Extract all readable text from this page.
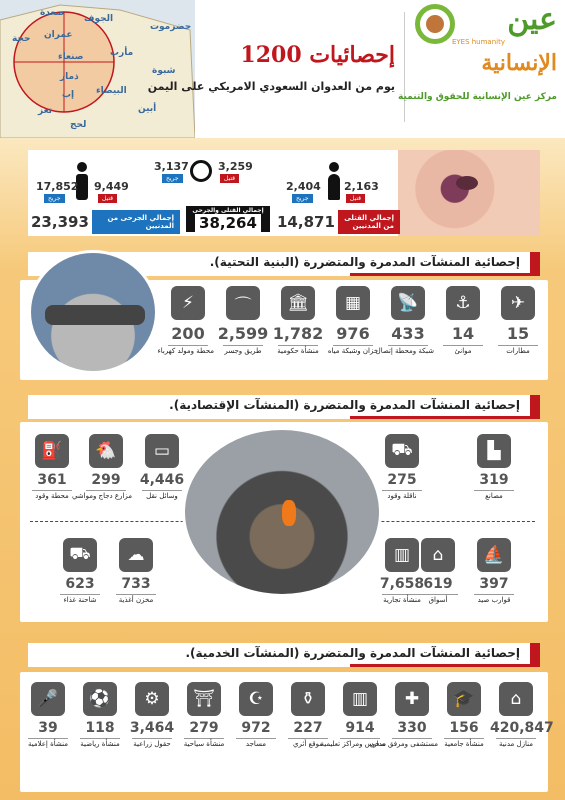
الجوف
صعدة
عمران
حجة
مأرب
صنعاء
شبوة
ذمار
البيضاء
إب
تعز
لحج
أبين
حضرموت
إحصائيات 1200
يوم من العدوان السعودي الامريكي على اليمن
عين
EYES humanity
الإنسانية
مركز عين الإنسانية للحقوق والتنمية
9,449
قتيل
17,852
جريح
3,259
قتيل
3,137
جريح
2,163
قتيل
2,404
جريح
23,393	إجمالي الجرحى من المدنيين
إجمالي القتلى والجرحى
38,264 14,871	إجمالي القتلى من المدنيين
إحصائية المنشآت المدمرة والمتضررة (البنية التحتية).
✈
15
مطارات
⚓
14
موانئ
📡
433
شبكة ومحطة إتصال
▦
976
خزان وشبكة مياه
🏛
1,782
منشأة حكومية
⌒
2,599
طريق وجسر
⚡
200
محطة ومولد كهرباء
إحصائية المنشآت المدمرة والمتضررة (المنشآت الإقتصادية).
▙
319
مصانع
⛟
275
ناقلة وقود
▭
4,446
وسائل نقل
🐔
299
مزارع دجاج ومواشي
⛽
361
محطة وقود
⛵
397
قوارب صيد
⌂
619
أسواق
▥
7,658
منشأة تجارية
☁
733
مخزن أغذية
⛟
623
شاحنة غذاء
إحصائية المنشآت المدمرة والمتضررة (المنشآت الخدمية).
⌂
420,847
منازل مدنية
🎓
156
منشأة جامعية
✚
330
مستشفى ومرفق صحي
▥
914
مدارس ومراكز تعليمية
⚱
227
موقع أثري
☪
972
مساجد
⛩
279
منشأة سياحية
⚙
3,464
حقول زراعية
⚽
118
منشأة رياضية
🎤
39
منشأة إعلامية
